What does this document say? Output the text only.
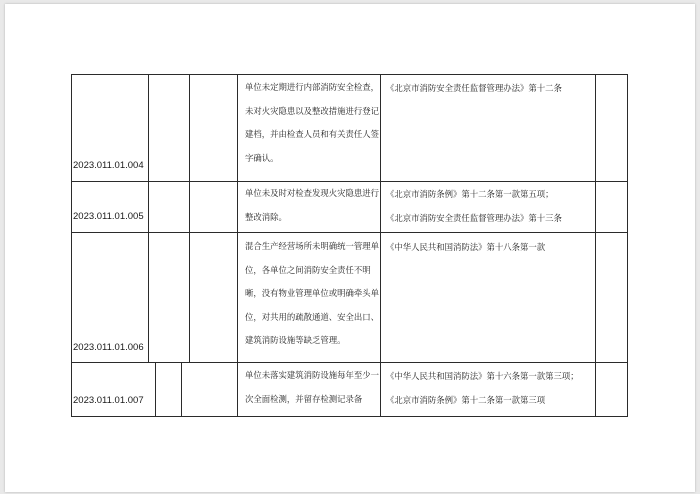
2023.011.01.004
单位未定期进行内部消防安全检查，未对火灾隐患以及整改措施进行登记建档，并由检查人员和有关责任人签字确认。
《北京市消防安全责任监督管理办法》第十二条
2023.011.01.005
单位未及时对检查发现火灾隐患进行整改消除。
《北京市消防条例》第十二条第一款第五项；
《北京市消防安全责任监督管理办法》第十三条
2023.011.01.006
混合生产经营场所未明确统一管理单位，各单位之间消防安全责任不明晰，没有物业管理单位或明确牵头单位，对共用的疏散通道、安全出口、建筑消防设施等缺乏管理。
《中华人民共和国消防法》第十八条第一款
2023.011.01.007
单位未落实建筑消防设施每年至少一次全面检测，并留存检测记录备
《中华人民共和国消防法》第十六条第一款第三项；
《北京市消防条例》第十二条第一款第三项
